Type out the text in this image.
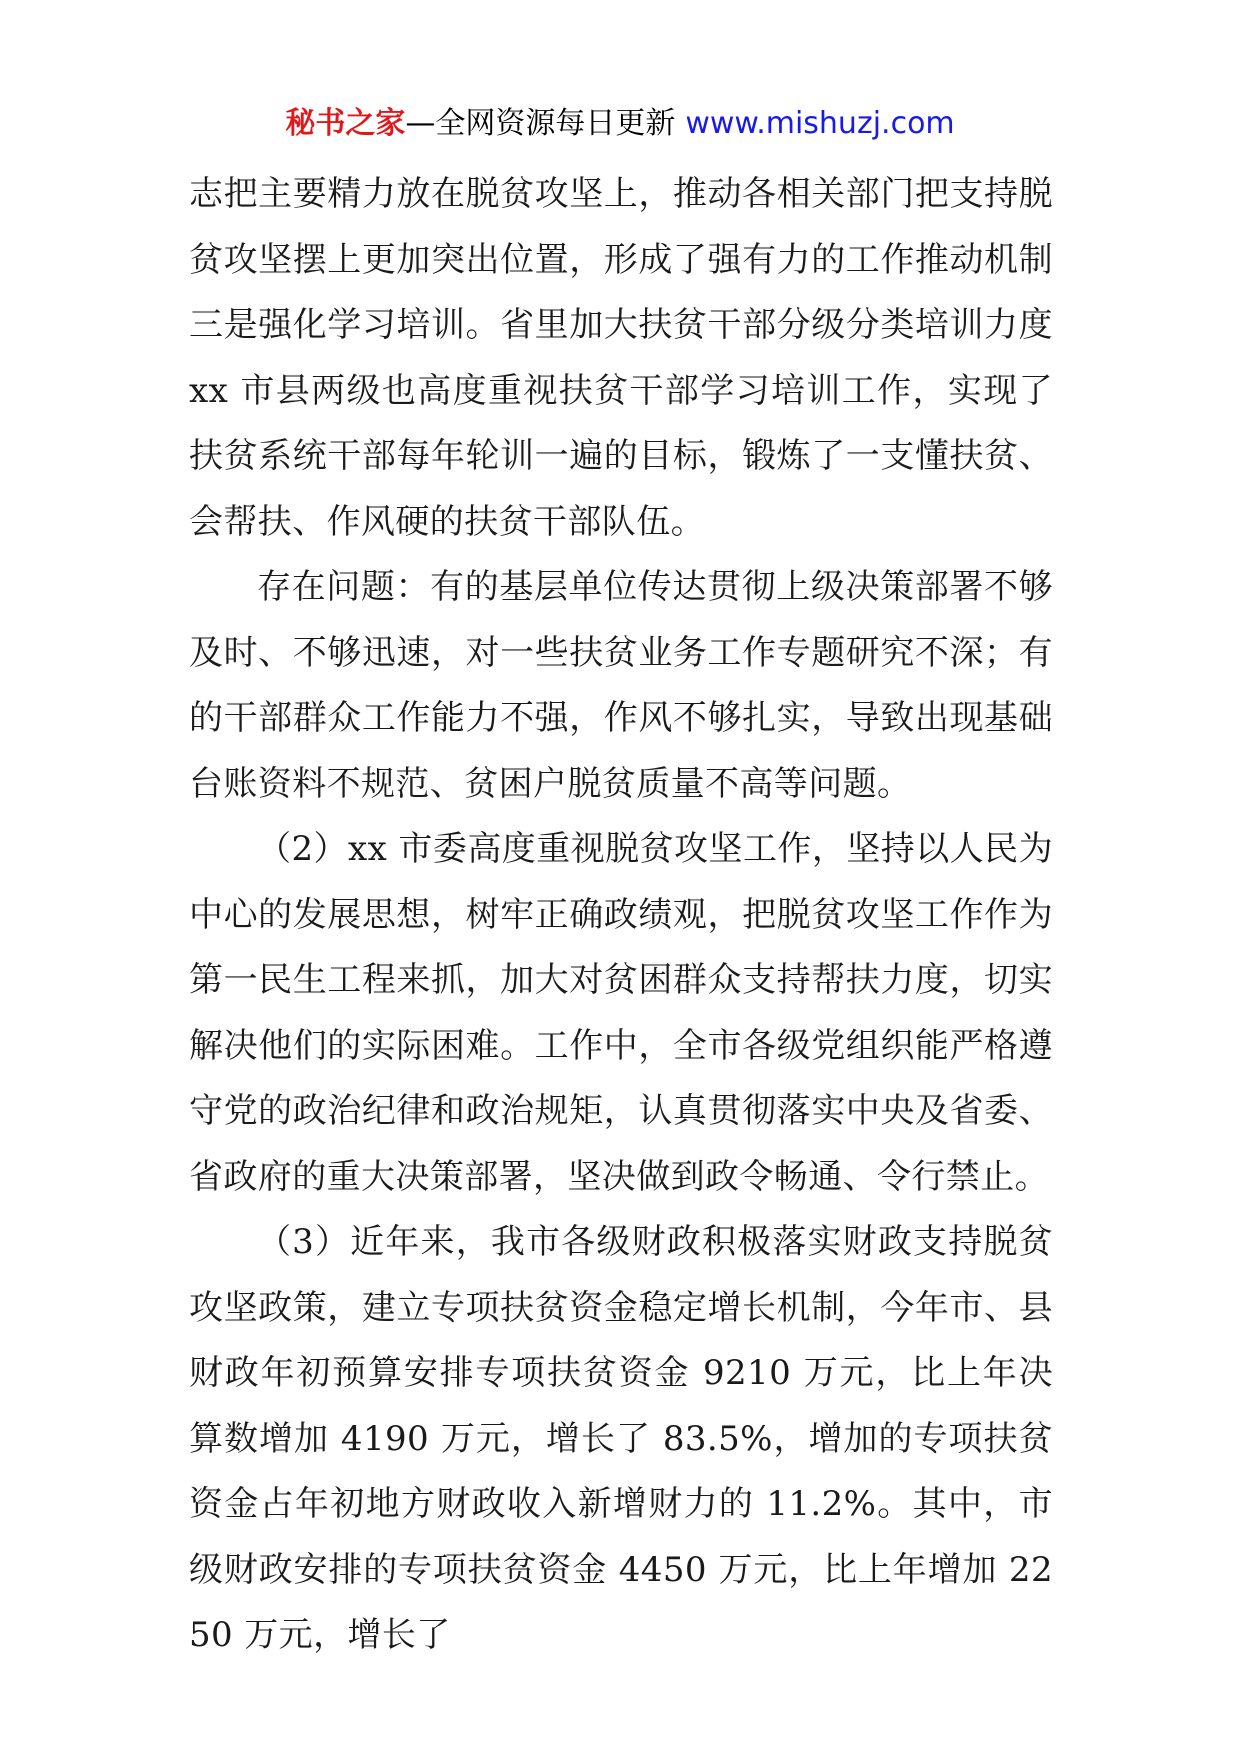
秘书之家—全网资源每日更新 www.mishuzj.com

志把主要精力放在脱贫攻坚上，推动各相关部门把支持脱贫攻坚摆上更加突出位置，形成了强有力的工作推动机制三是强化学习培训。省里加大扶贫干部分级分类培训力度xx 市县两级也高度重视扶贫干部学习培训工作，实现了扶贫系统干部每年轮训一遍的目标，锻炼了一支懂扶贫、会帮扶、作风硬的扶贫干部队伍。

存在问题：有的基层单位传达贯彻上级决策部署不够及时、不够迅速，对一些扶贫业务工作专题研究不深；有的干部群众工作能力不强，作风不够扎实，导致出现基础台账资料不规范、贫困户脱贫质量不高等问题。

（2）xx 市委高度重视脱贫攻坚工作，坚持以人民为中心的发展思想，树牢正确政绩观，把脱贫攻坚工作作为第一民生工程来抓，加大对贫困群众支持帮扶力度，切实解决他们的实际困难。工作中，全市各级党组织能严格遵守党的政治纪律和政治规矩，认真贯彻落实中央及省委、省政府的重大决策部署，坚决做到政令畅通、令行禁止。

（3）近年来，我市各级财政积极落实财政支持脱贫攻坚政策，建立专项扶贫资金稳定增长机制，今年市、县财政年初预算安排专项扶贫资金 9210 万元，比上年决算数增加 4190 万元，增长了 83.5%，增加的专项扶贫资金占年初地方财政收入新增财力的 11.2%。其中，市级财政安排的专项扶贫资金 4450 万元，比上年增加 2250 万元，增长了
